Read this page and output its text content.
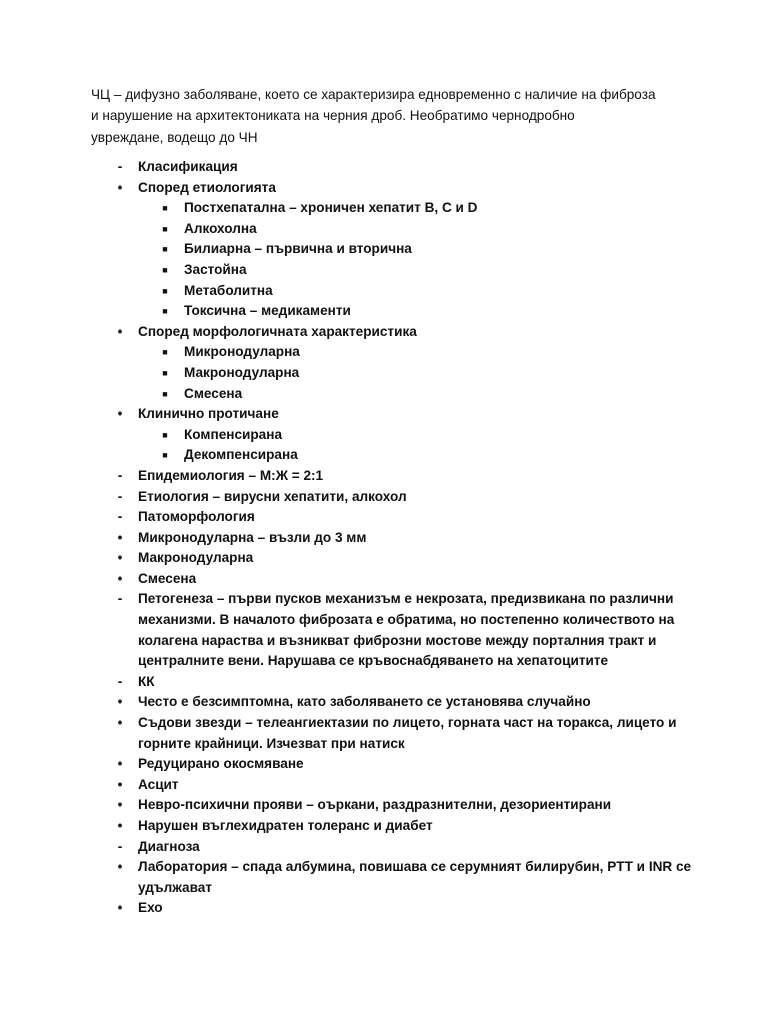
ЧЦ – дифузно заболяване, което се характеризира едновременно с наличие на фиброза
и нарушение на архитектониката на черния дроб. Необратимо чернодробно
увреждане, водещо до ЧН

-	Класификация
•	Според етиологията
■	Постхепатална – хроничен хепатит B, C и D
■	Алкохолна
■	Билиарна – първична и вторична
■	Застойна
■	Метаболитна
■	Токсична – медикаменти
•	Според морфологичната характеристика
■	Микронодуларна
■	Макронодуларна
■	Смесена
•	Клинично протичане
■	Компенсирана
■	Декомпенсирана
-	Епидемиология – М:Ж = 2:1
-	Етиология – вирусни хепатити, алкохол
-	Патоморфология
•	Микронодуларна – възли до 3 мм
•	Макронодуларна
•	Смесена
-	Петогенеза – първи пусков механизъм е некрозата, предизвикана по различни
механизми. В началото фиброзата е обратима, но постепенно количеството на
колагена нараства и възникват фиброзни мостове между порталния тракт и
централните вени. Нарушава се кръвоснабдяването на хепатоцитите
-	КК
•	Често е безсимптомна, като заболяването се установява случайно
•	Съдови звезди – телеангиектазии по лицето, горната част на торакса, лицето и
горните крайници. Изчезват при натиск
•	Редуцирано окосмяване
•	Асцит
•	Невро-психични прояви – оъркани, раздразнителни, дезориентирани
•	Нарушен въглехидратен толеранс и диабет
-	Диагноза
•	Лаборатория – спада албумина, повишава се серумният билирубин, PTT и INR се
удължават
•	Ехо
